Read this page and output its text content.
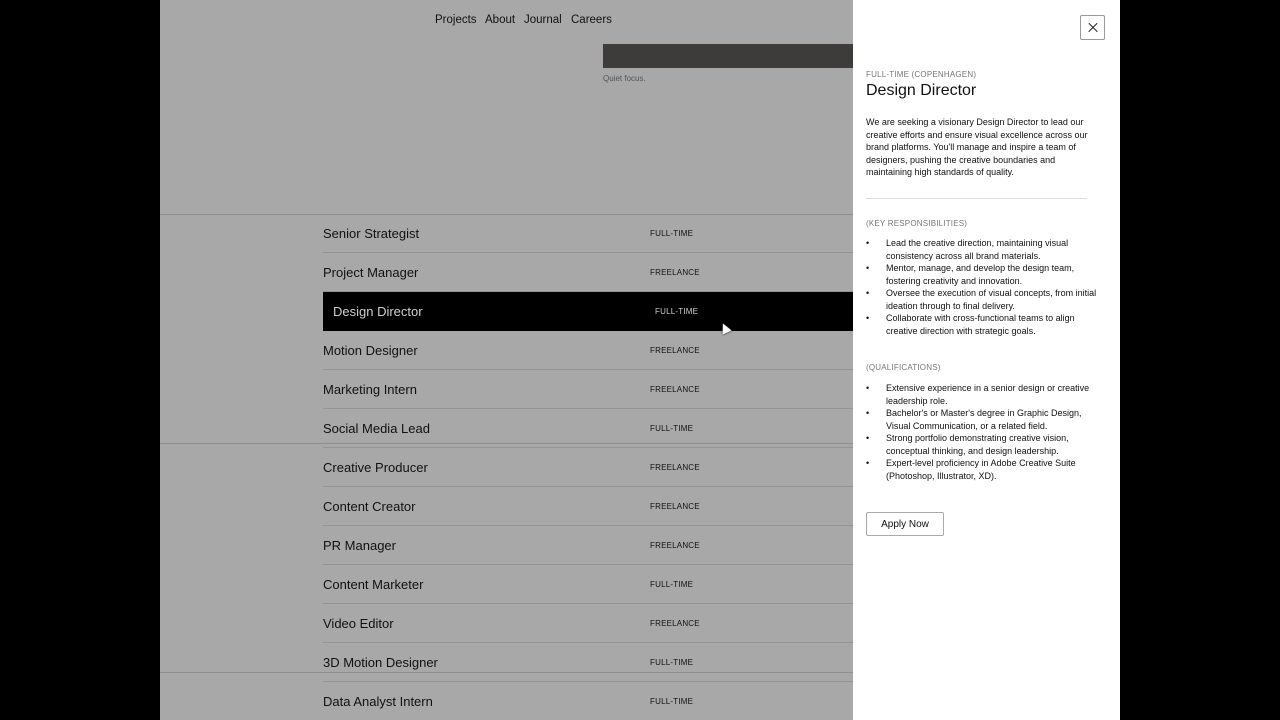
Projects About Journal Careers
Quiet focus.
Senior Strategist	FULL-TIME
Project Manager	FREELANCE
Design Director	FULL-TIME
Motion Designer	FREELANCE
Marketing Intern	FREELANCE
Social Media Lead	FULL-TIME
Creative Producer	FREELANCE
Content Creator	FREELANCE
PR Manager	FREELANCE
Content Marketer	FULL-TIME
Video Editor	FREELANCE
3D Motion Designer	FULL-TIME
Data Analyst Intern	FULL-TIME
FULL-TIME (COPENHAGEN)
Design Director

We are seeking a visionary Design Director to lead our creative efforts and ensure visual excellence across our brand platforms. You'll manage and inspire a team of designers, pushing the creative boundaries and maintaining high standards of quality.

(KEY RESPONSIBILITIES)
• Lead the creative direction, maintaining visual consistency across all brand materials.
• Mentor, manage, and develop the design team, fostering creativity and innovation.
• Oversee the execution of visual concepts, from initial ideation through to final delivery.
• Collaborate with cross-functional teams to align creative direction with strategic goals.
(QUALIFICATIONS)
• Extensive experience in a senior design or creative leadership role.
• Bachelor's or Master's degree in Graphic Design, Visual Communication, or a related field.
• Strong portfolio demonstrating creative vision, conceptual thinking, and design leadership.
• Expert-level proficiency in Adobe Creative Suite (Photoshop, Illustrator, XD).
Apply Now
